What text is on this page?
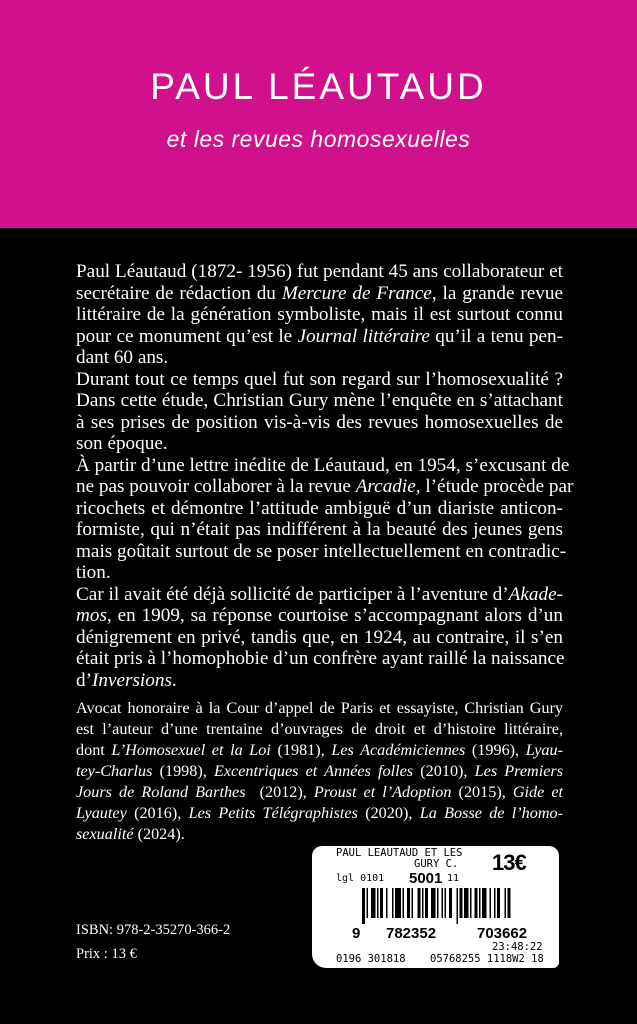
PAUL LÉAUTAUD
et les revues homosexuelles
Paul Léautaud (1872- 1956) fut pendant 45 ans collaborateur et
secrétaire de rédaction du Mercure de France, la grande revue
littéraire de la génération symboliste, mais il est surtout connu
pour ce monument qu’est le Journal littéraire qu’il a tenu pen-
dant 60 ans.
Durant tout ce temps quel fut son regard sur l’homosexualité ?
Dans cette étude, Christian Gury mène l’enquête en s’attachant
à ses prises de position vis-à-vis des revues homosexuelles de
son époque.
À partir d’une lettre inédite de Léautaud, en 1954, s’excusant de
ne pas pouvoir collaborer à la revue Arcadie, l’étude procède par
ricochets et démontre l’attitude ambiguë d’un diariste anticon-
formiste, qui n’était pas indifférent à la beauté des jeunes gens
mais goûtait surtout de se poser intellectuellement en contradic-
tion.
Car il avait été déjà sollicité de participer à l’aventure d’Akade-
mos, en 1909, sa réponse courtoise s’accompagnant alors d’un
dénigrement en privé, tandis que, en 1924, au contraire, il s’en
était pris à l’homophobie d’un confrère ayant raillé la naissance
d’Inversions.
Avocat honoraire à la Cour d’appel de Paris et essayiste, Christian Gury
est l’auteur d’une trentaine d’ouvrages de droit et d’histoire littéraire,
dont L’Homosexuel et la Loi (1981), Les Académiciennes (1996), Lyau-
tey-Charlus (1998), Excentriques et Années folles (2010), Les Premiers
Jours de Roland Barthes  (2012), Proust et l’Adoption (2015), Gide et
Lyautey (2016), Les Petits Télégraphistes (2020), La Bosse de l’homo-
sexualité (2024).
ISBN: 978-2-35270-366-2
Prix : 13 €
PAUL LEAUTAUD ET LES
GURY C. 13€
lgl 0101 5001 11
9 782352	703662
23:48:22
0196 301818 05768255 1118W2 18
